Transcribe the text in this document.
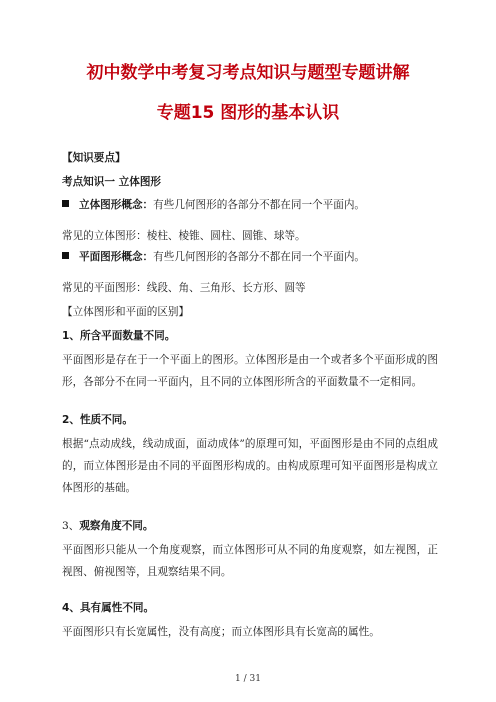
初中数学中考复习考点知识与题型专题讲解
专题15 图形的基本认识
【知识要点】
考点知识一 立体图形
立体图形概念：有些几何图形的各部分不都在同一个平面内。
常见的立体图形：棱柱、棱锥、圆柱、圆锥、球等。
平面图形概念：有些几何图形的各部分不都在同一个平面内。
常见的平面图形：线段、角、三角形、长方形、圆等
【立体图形和平面的区别】
1、所含平面数量不同。
平面图形是存在于一个平面上的图形。立体图形是由一个或者多个平面形成的图形，各部分不在同一平面内，且不同的立体图形所含的平面数量不一定相同。
2、性质不同。
根据“点动成线，线动成面，面动成体”的原理可知，平面图形是由不同的点组成的，而立体图形是由不同的平面图形构成的。由构成原理可知平面图形是构成立体图形的基础。
3、观察角度不同。
平面图形只能从一个角度观察，而立体图形可从不同的角度观察，如左视图，正视图、俯视图等，且观察结果不同。
4、具有属性不同。
平面图形只有长宽属性，没有高度；而立体图形具有长宽高的属性。
1 / 31
